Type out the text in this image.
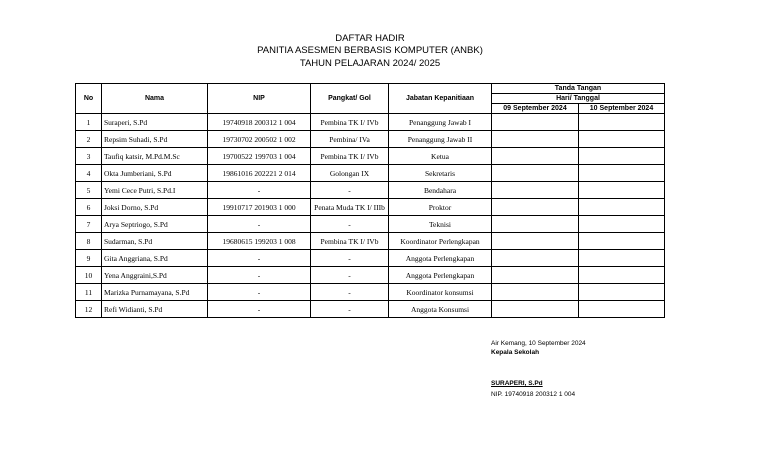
DAFTAR HADIR
PANITIA ASESMEN BERBASIS KOMPUTER (ANBK)
TAHUN PELAJARAN 2024/ 2025
No	Nama	NIP	Pangkat/ Gol	Jabatan Kepanitiaan	Tanda Tangan	
					Hari/ Tanggal	
					09 September 2024	10 September 2024
1	Suraperi, S.Pd	19740918 200312 1 004	Pembina TK I/ IVb	Penanggung Jawab I		
2	Repsim Suhadi, S.Pd	19730702 200502 1 002	Pembina/ IVa	Penanggung Jawab II		
3	Taufiq katsir, M.Pd.M.Sc	19700522 199703 1 004	Pembina TK I/ IVb	Ketua		
4	Okta Jumberiani, S.Pd	19861016 202221 2 014	Golongan IX	Sekretaris		
5	Yemi Cece Putri, S.Pd.I	-	-	Bendahara		
6	Joksi Dorno, S.Pd	19910717 201903 1 000	Penata Muda TK I/ IIIb	Proktor		
7	Arya Septriogo, S.Pd	-	-	Teknisi		
8	Sudarman, S.Pd	19680615 199203 1 008	Pembina TK I/ IVb	Koordinator Perlengkapan		
9	Gita Anggriana, S.Pd	-	-	Anggota Perlengkapan		
10	Yena Anggraini,S.Pd	-	-	Anggota Perlengkapan		
11	Marizka Purnamayana, S.Pd	-	-	Koordinator konsumsi		
12	Refi Widianti, S.Pd	-	-	Anggota Konsumsi		
Air Kemang, 10 September 2024
Kepala Sekolah
SURAPERI, S.Pd
NIP. 19740918 200312 1 004
